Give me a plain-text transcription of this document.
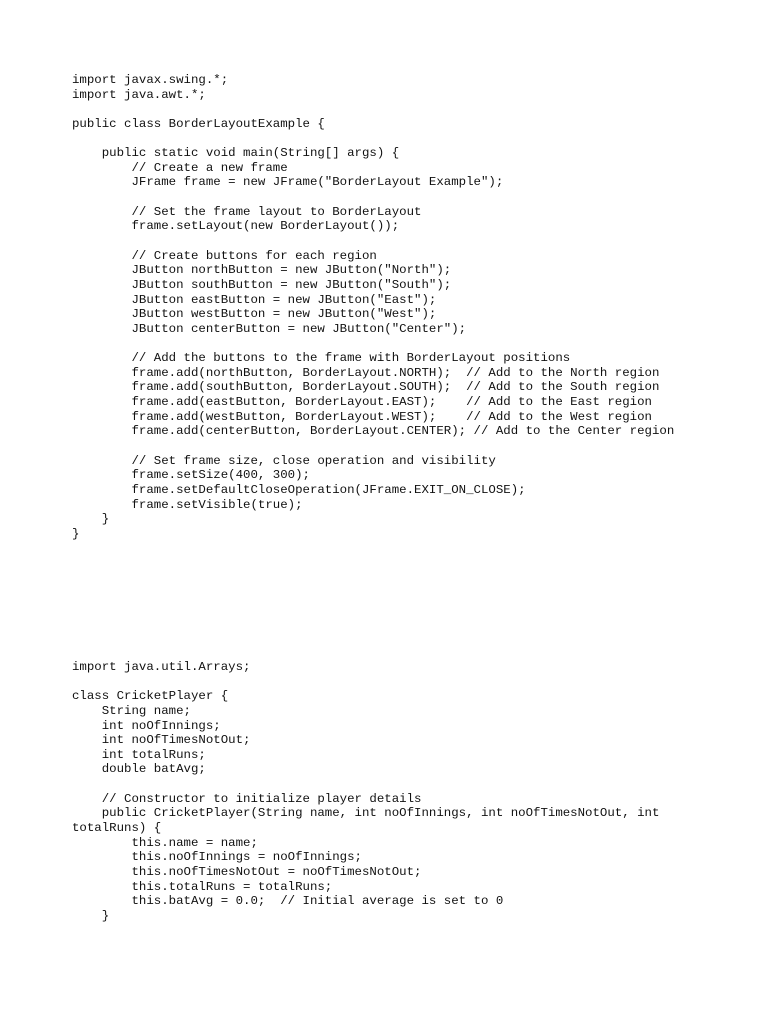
import javax.swing.*;
import java.awt.*;
public class BorderLayoutExample {
public static void main(String[] args) {
// Create a new frame
JFrame frame = new JFrame("BorderLayout Example");
// Set the frame layout to BorderLayout
frame.setLayout(new BorderLayout());
// Create buttons for each region
JButton northButton = new JButton("North");
JButton southButton = new JButton("South");
JButton eastButton = new JButton("East");
JButton westButton = new JButton("West");
JButton centerButton = new JButton("Center");
// Add the buttons to the frame with BorderLayout positions
frame.add(northButton, BorderLayout.NORTH);  // Add to the North region
frame.add(southButton, BorderLayout.SOUTH);  // Add to the South region
frame.add(eastButton, BorderLayout.EAST);    // Add to the East region
frame.add(westButton, BorderLayout.WEST);    // Add to the West region
frame.add(centerButton, BorderLayout.CENTER); // Add to the Center region
// Set frame size, close operation and visibility
frame.setSize(400, 300);
frame.setDefaultCloseOperation(JFrame.EXIT_ON_CLOSE);
frame.setVisible(true);
}
}
import java.util.Arrays;
class CricketPlayer {
String name;
int noOfInnings;
int noOfTimesNotOut;
int totalRuns;
double batAvg;
// Constructor to initialize player details
public CricketPlayer(String name, int noOfInnings, int noOfTimesNotOut, int
totalRuns) {
this.name = name;
this.noOfInnings = noOfInnings;
this.noOfTimesNotOut = noOfTimesNotOut;
this.totalRuns = totalRuns;
this.batAvg = 0.0;  // Initial average is set to 0
}
